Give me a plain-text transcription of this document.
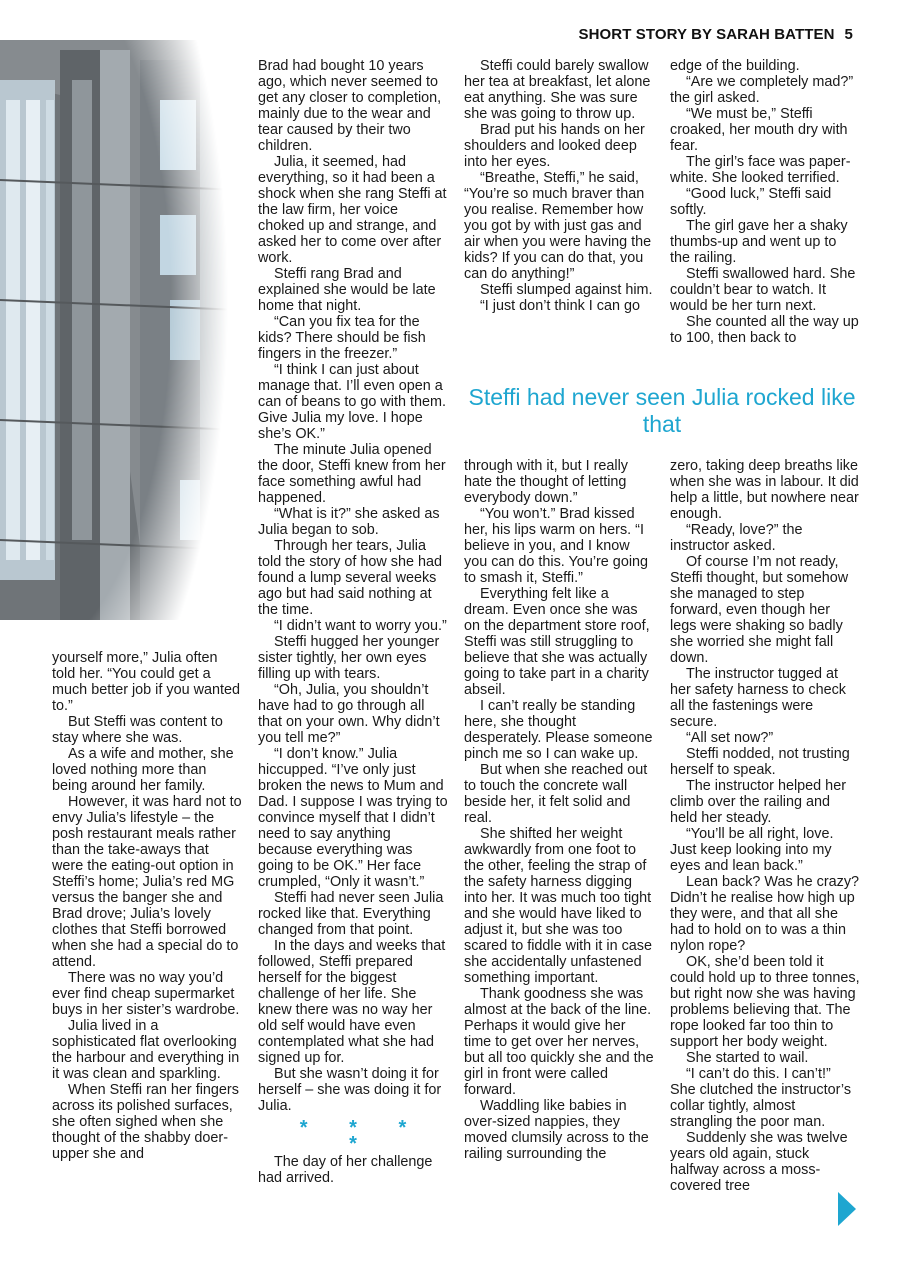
SHORT STORY BY SARAH BATTEN 5

yourself more,” Julia often told her. “You could get a much better job if you wanted to.”

But Steffi was content to stay where she was.

As a wife and mother, she loved nothing more than being around her family.

However, it was hard not to envy Julia’s lifestyle – the posh restaurant meals rather than the take-aways that were the eating-out option in Steffi’s home; Julia’s red MG versus the banger she and Brad drove; Julia’s lovely clothes that Steffi borrowed when she had a special do to attend.

There was no way you’d ever find cheap supermarket buys in her sister’s wardrobe.

Julia lived in a sophisticated flat overlooking the harbour and everything in it was clean and sparkling.

When Steffi ran her fingers across its polished surfaces, she often sighed when she thought of the shabby doer-upper she and

Brad had bought 10 years ago, which never seemed to get any closer to completion, mainly due to the wear and tear caused by their two children.

Julia, it seemed, had everything, so it had been a shock when she rang Steffi at the law firm, her voice choked up and strange, and asked her to come over after work.

Steffi rang Brad and explained she would be late home that night.

“Can you fix tea for the kids? There should be fish fingers in the freezer.”

“I think I can just about manage that. I’ll even open a can of beans to go with them. Give Julia my love. I hope she’s OK.”

The minute Julia opened the door, Steffi knew from her face something awful had happened.

“What is it?” she asked as Julia began to sob.

Through her tears, Julia told the story of how she had found a lump several weeks ago but had said nothing at the time.

“I didn’t want to worry you.”

Steffi hugged her younger sister tightly, her own eyes filling up with tears.

“Oh, Julia, you shouldn’t have had to go through all that on your own. Why didn’t you tell me?”

“I don’t know.” Julia hiccupped. “I’ve only just broken the news to Mum and Dad. I suppose I was trying to convince myself that I didn’t need to say anything because everything was going to be OK.” Her face crumpled, “Only it wasn’t.”

Steffi had never seen Julia rocked like that. Everything changed from that point.

In the days and weeks that followed, Steffi prepared herself for the biggest challenge of her life. She knew there was no way her old self would have even contemplated what she had signed up for.

But she wasn’t doing it for herself – she was doing it for Julia.

* * * *

The day of her challenge had arrived.

Steffi could barely swallow her tea at breakfast, let alone eat anything. She was sure she was going to throw up.

Brad put his hands on her shoulders and looked deep into her eyes.

“Breathe, Steffi,” he said, “You’re so much braver than you realise. Remember how you got by with just gas and air when you were having the kids? If you can do that, you can do anything!”

Steffi slumped against him.

“I just don’t think I can go

edge of the building.

“Are we completely mad?” the girl asked.

“We must be,” Steffi croaked, her mouth dry with fear.

The girl’s face was paper-white. She looked terrified.

“Good luck,” Steffi said softly.

The girl gave her a shaky thumbs-up and went up to the railing.

Steffi swallowed hard. She couldn’t bear to watch. It would be her turn next.

She counted all the way up to 100, then back to

Steffi had never seen Julia rocked like that

through with it, but I really hate the thought of letting everybody down.”

“You won’t.” Brad kissed her, his lips warm on hers. “I believe in you, and I know you can do this. You’re going to smash it, Steffi.”

Everything felt like a dream. Even once she was on the department store roof, Steffi was still struggling to believe that she was actually going to take part in a charity abseil.

I can’t really be standing here, she thought desperately. Please someone pinch me so I can wake up.

But when she reached out to touch the concrete wall beside her, it felt solid and real.

She shifted her weight awkwardly from one foot to the other, feeling the strap of the safety harness digging into her. It was much too tight and she would have liked to adjust it, but she was too scared to fiddle with it in case she accidentally unfastened something important.

Thank goodness she was almost at the back of the line. Perhaps it would give her time to get over her nerves, but all too quickly she and the girl in front were called forward.

Waddling like babies in over-sized nappies, they moved clumsily across to the railing surrounding the

zero, taking deep breaths like when she was in labour. It did help a little, but nowhere near enough.

“Ready, love?” the instructor asked.

Of course I’m not ready, Steffi thought, but somehow she managed to step forward, even though her legs were shaking so badly she worried she might fall down.

The instructor tugged at her safety harness to check all the fastenings were secure.

“All set now?”

Steffi nodded, not trusting herself to speak.

The instructor helped her climb over the railing and held her steady.

“You’ll be all right, love. Just keep looking into my eyes and lean back.”

Lean back? Was he crazy? Didn’t he realise how high up they were, and that all she had to hold on to was a thin nylon rope?

OK, she’d been told it could hold up to three tonnes, but right now she was having problems believing that. The rope looked far too thin to support her body weight.

She started to wail.

“I can’t do this. I can’t!” She clutched the instructor’s collar tightly, almost strangling the poor man.

Suddenly she was twelve years old again, stuck halfway across a moss-covered tree
